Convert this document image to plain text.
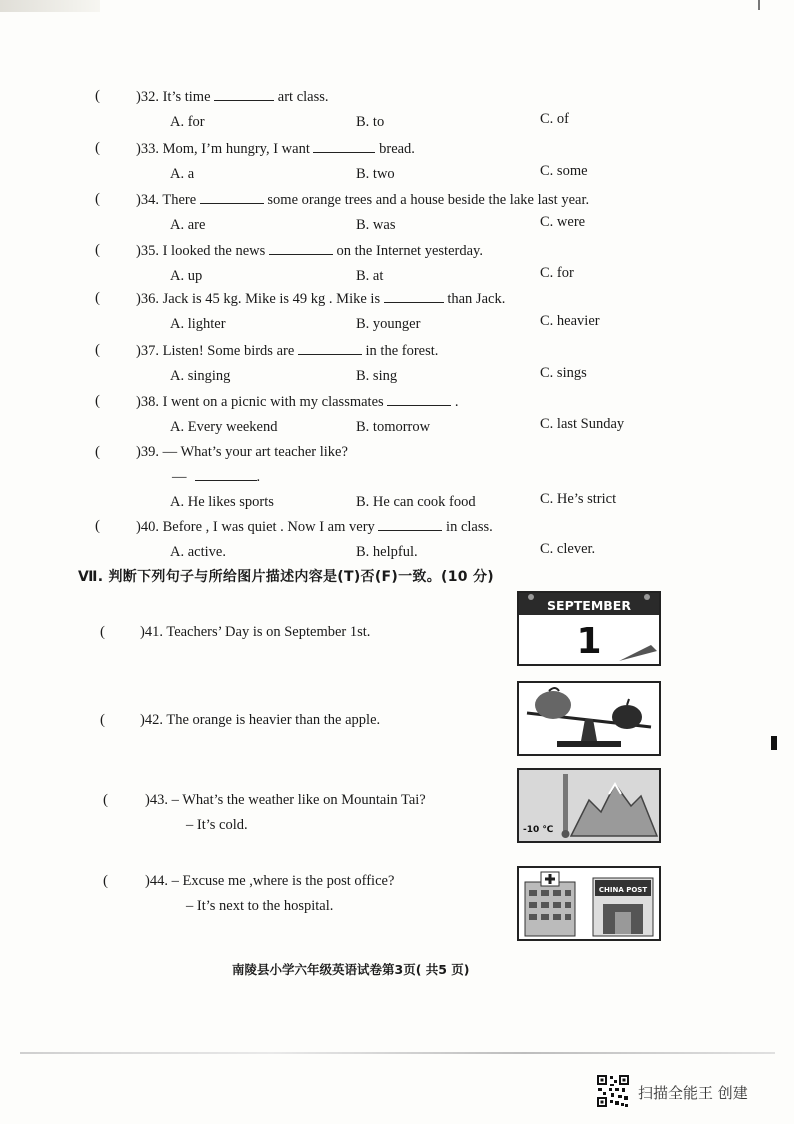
( )32. It’s time	art class.
A. for	B. to	C. of
( )33. Mom, I’m hungry, I want	bread.
A. a	B. two	C. some
( )34. There	some orange trees and a house beside the lake last year.
A. are	B. was	C. were
( )35. I looked the news	on the Internet yesterday.
A. up	B. at	C. for
( )36. Jack is 45 kg. Mike is 49 kg . Mike is	than Jack.
A. lighter	B. younger	C. heavier
( )37. Listen! Some birds are	in the forest.
A. singing	B. sing	C. sings
( )38. I went on a picnic with my classmates	.
A. Every weekend	B. tomorrow	C. last Sunday
( )39. — What’s your art teacher like?
—	.
A. He likes sports	B. He can cook food	C. He’s strict
( )40. Before , I was quiet . Now I am very	in class.
A. active.	B. helpful.	C. clever.
Ⅶ. 判断下列句子与所给图片描述内容是(T)否(F)一致。(10 分)
( )41. Teachers’ Day is on September 1st.
( )42. The orange is heavier than the apple.
(	)43. – What’s the weather like on Mountain Tai?
– It’s cold.
(	)44. – Excuse me ,where is the post office?
– It’s next to the hospital.
SEPTEMBER
1
-10 ℃
CHINA POST
南陵县小学六年级英语试卷第3页( 共5 页)
扫描全能王 创建
